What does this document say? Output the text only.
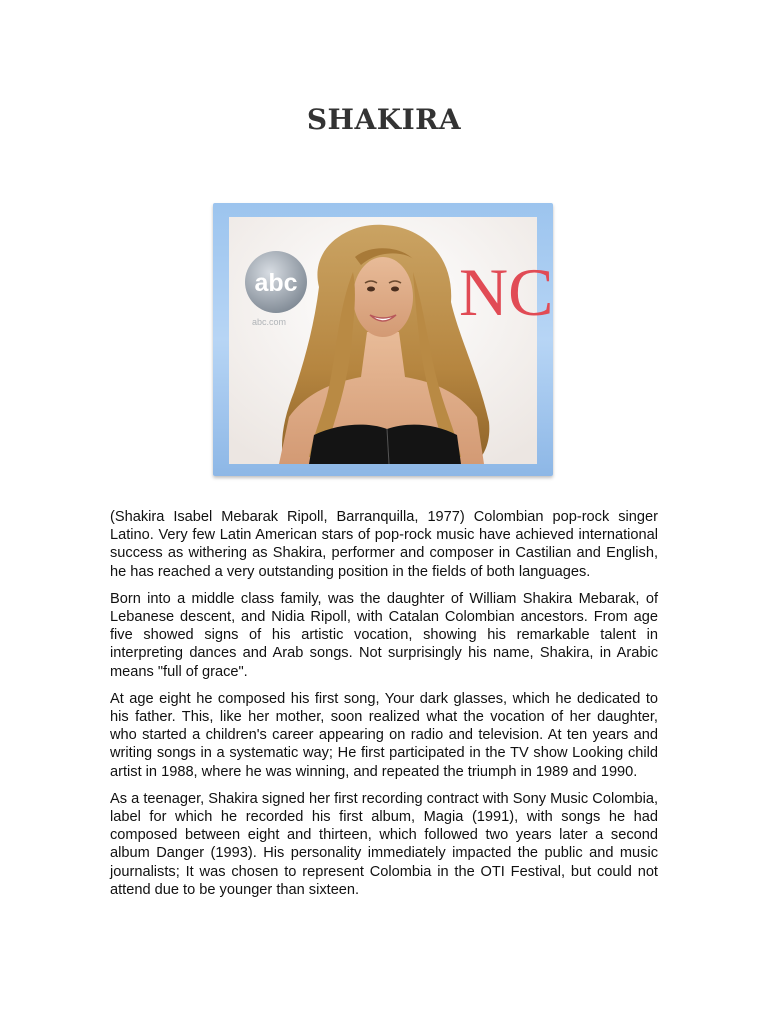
SHAKIRA
abc
abc.com	NC

(Shakira Isabel Mebarak Ripoll, Barranquilla, 1977) Colombian pop-rock singer Latino. Very few Latin American stars of pop-rock music have achieved international success as withering as Shakira, performer and composer in Castilian and English, he has reached a very outstanding position in the fields of both languages.

Born into a middle class family, was the daughter of William Shakira Mebarak, of Lebanese descent, and Nidia Ripoll, with Catalan Colombian ancestors. From age five showed signs of his artistic vocation, showing his remarkable talent in interpreting dances and Arab songs. Not surprisingly his name, Shakira, in Arabic means "full of grace".

At age eight he composed his first song, Your dark glasses, which he dedicated to his father. This, like her mother, soon realized what the vocation of her daughter, who started a children's career appearing on radio and television. At ten years and writing songs in a systematic way; He first participated in the TV show Looking child artist in 1988, where he was winning, and repeated the triumph in 1989 and 1990.

As a teenager, Shakira signed her first recording contract with Sony Music Colombia, label for which he recorded his first album, Magia (1991), with songs he had composed between eight and thirteen, which followed two years later a second album Danger (1993). His personality immediately impacted the public and music journalists; It was chosen to represent Colombia in the OTI Festival, but could not attend due to be younger than sixteen.
